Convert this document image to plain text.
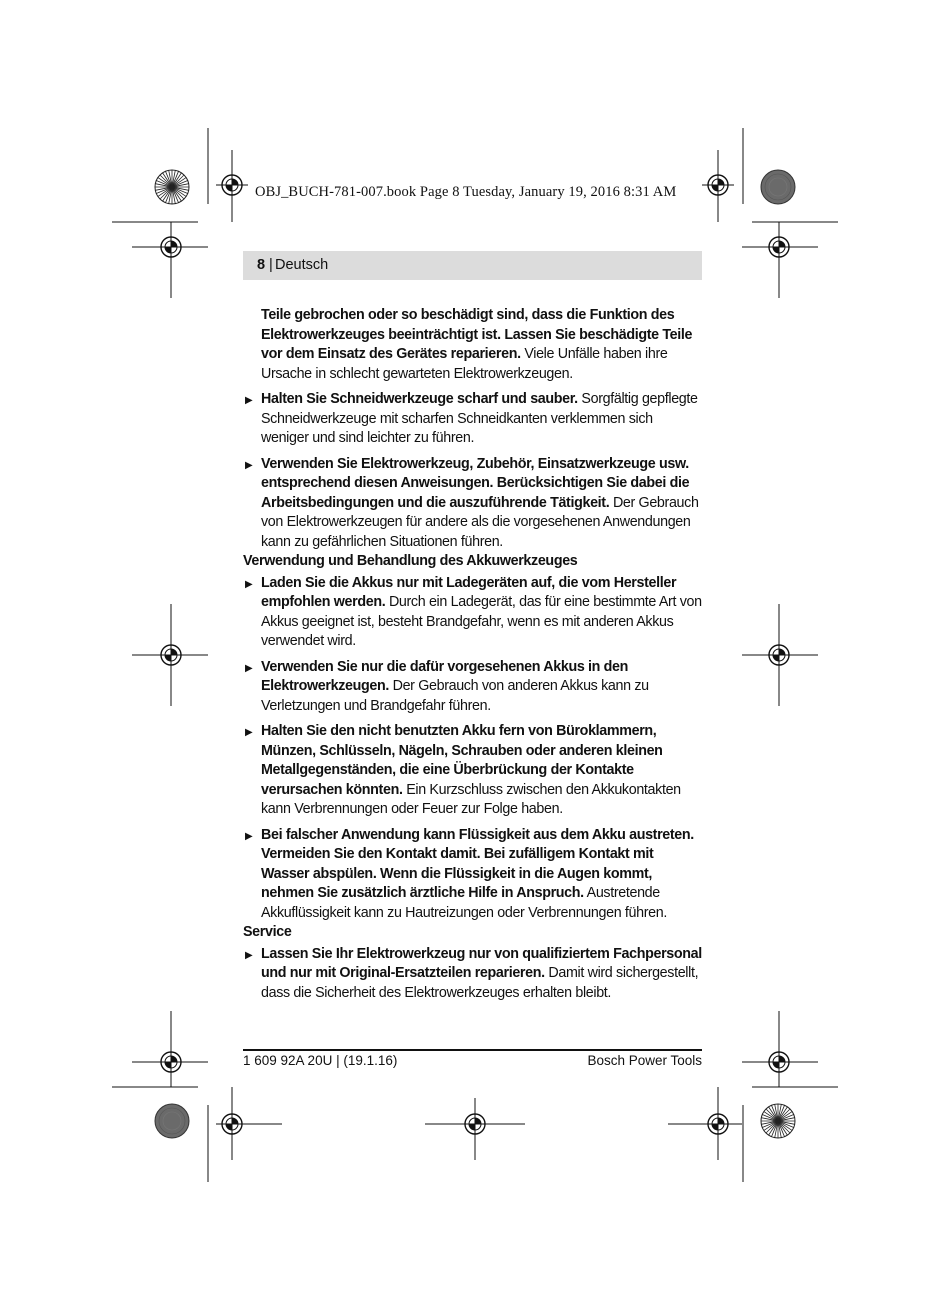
OBJ_BUCH-781-007.book Page 8 Tuesday, January 19, 2016 8:31 AM
8 | Deutsch

Teile gebrochen oder so beschädigt sind, dass die Funktion des Elektrowerkzeuges beeinträchtigt ist. Lassen Sie beschädigte Teile vor dem Einsatz des Gerätes reparieren. Viele Unfälle haben ihre Ursache in schlecht gewarteten Elektrowerkzeugen.

▶ Halten Sie Schneidwerkzeuge scharf und sauber. Sorgfältig gepflegte Schneidwerkzeuge mit scharfen Schneidkanten verklemmen sich weniger und sind leichter zu führen.
▶ Verwenden Sie Elektrowerkzeug, Zubehör, Einsatzwerkzeuge usw. entsprechend diesen Anweisungen. Berücksichtigen Sie dabei die Arbeitsbedingungen und die auszuführende Tätigkeit. Der Gebrauch von Elektrowerkzeugen für andere als die vorgesehenen Anwendungen kann zu gefährlichen Situationen führen.

Verwendung und Behandlung des Akkuwerkzeuges

▶ Laden Sie die Akkus nur mit Ladegeräten auf, die vom Hersteller empfohlen werden. Durch ein Ladegerät, das für eine bestimmte Art von Akkus geeignet ist, besteht Brandgefahr, wenn es mit anderen Akkus verwendet wird.
▶ Verwenden Sie nur die dafür vorgesehenen Akkus in den Elektrowerkzeugen. Der Gebrauch von anderen Akkus kann zu Verletzungen und Brandgefahr führen.
▶ Halten Sie den nicht benutzten Akku fern von Büroklammern, Münzen, Schlüsseln, Nägeln, Schrauben oder anderen kleinen Metallgegenständen, die eine Überbrückung der Kontakte verursachen könnten. Ein Kurzschluss zwischen den Akkukontakten kann Verbrennungen oder Feuer zur Folge haben.
▶ Bei falscher Anwendung kann Flüssigkeit aus dem Akku austreten. Vermeiden Sie den Kontakt damit. Bei zufälligem Kontakt mit Wasser abspülen. Wenn die Flüssigkeit in die Augen kommt, nehmen Sie zusätzlich ärztliche Hilfe in Anspruch. Austretende Akkuflüssigkeit kann zu Hautreizungen oder Verbrennungen führen.

Service

▶ Lassen Sie Ihr Elektrowerkzeug nur von qualifiziertem Fachpersonal und nur mit Original-Ersatzteilen reparieren. Damit wird sichergestellt, dass die Sicherheit des Elektrowerkzeuges erhalten bleibt.
1 609 92A 20U | (19.1.16)	Bosch Power Tools
